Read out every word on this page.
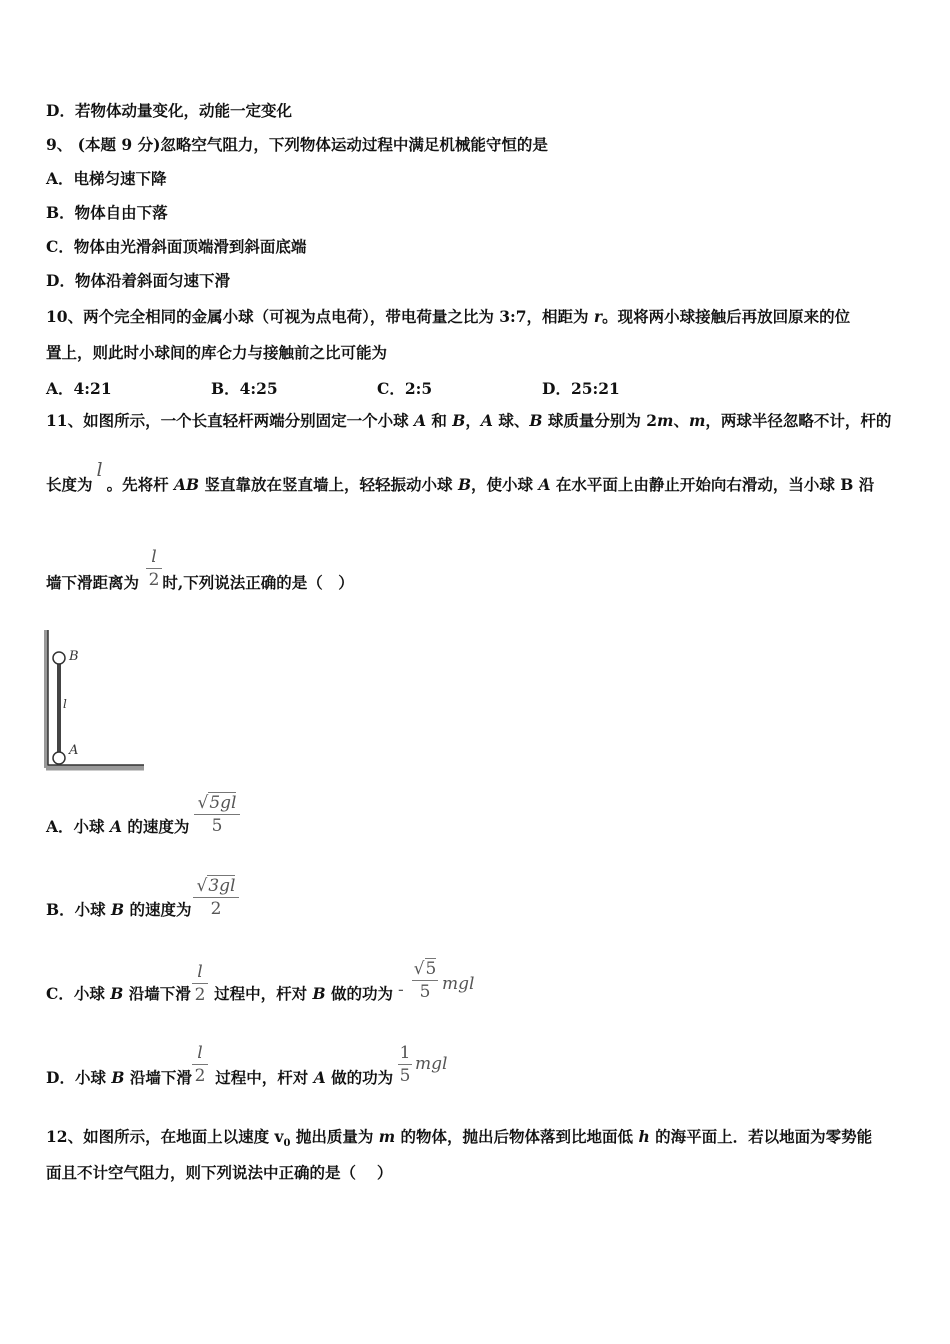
D．若物体动量变化，动能一定变化
9、 (本题 9 分)忽略空气阻力，下列物体运动过程中满足机械能守恒的是
A．电梯匀速下降
B．物体自由下落
C．物体由光滑斜面顶端滑到斜面底端
D．物体沿着斜面匀速下滑
10、两个完全相同的金属小球（可视为点电荷），带电荷量之比为 3:7，相距为 r。现将两小球接触后再放回原来的位
置上，则此时小球间的库仑力与接触前之比可能为
A．4:21	B．4:25	C．2:5	D．25:21
11、如图所示，一个长直轻杆两端分别固定一个小球 A 和 B，A 球、B 球质量分别为 2m、m，两球半径忽略不计，杆的
长度为l。先将杆 AB 竖直靠放在竖直墙上，轻轻振动小球 B，使小球 A 在水平面上由静止开始向右滑动，当小球 B 沿
墙下滑距离为 时,下列说法正确的是（　）
l
2
B
l
A
A．小球 A 的速度为
√5gl
5
B．小球 B 的速度为
√3gl
2
C．小球 B 沿墙下滑 过程中，杆对 B 做的功为
l
2	-
√5
5 mgl
D．小球 B 沿墙下滑 过程中，杆对 A 做的功为
l
2
1
5
mgl
12、如图所示，在地面上以速度 $v_0$ 抛出质量为 m 的物体，抛出后物体落到比地面低 h 的海平面上．若以地面为零势能
面且不计空气阻力，则下列说法中正确的是（　 ）
